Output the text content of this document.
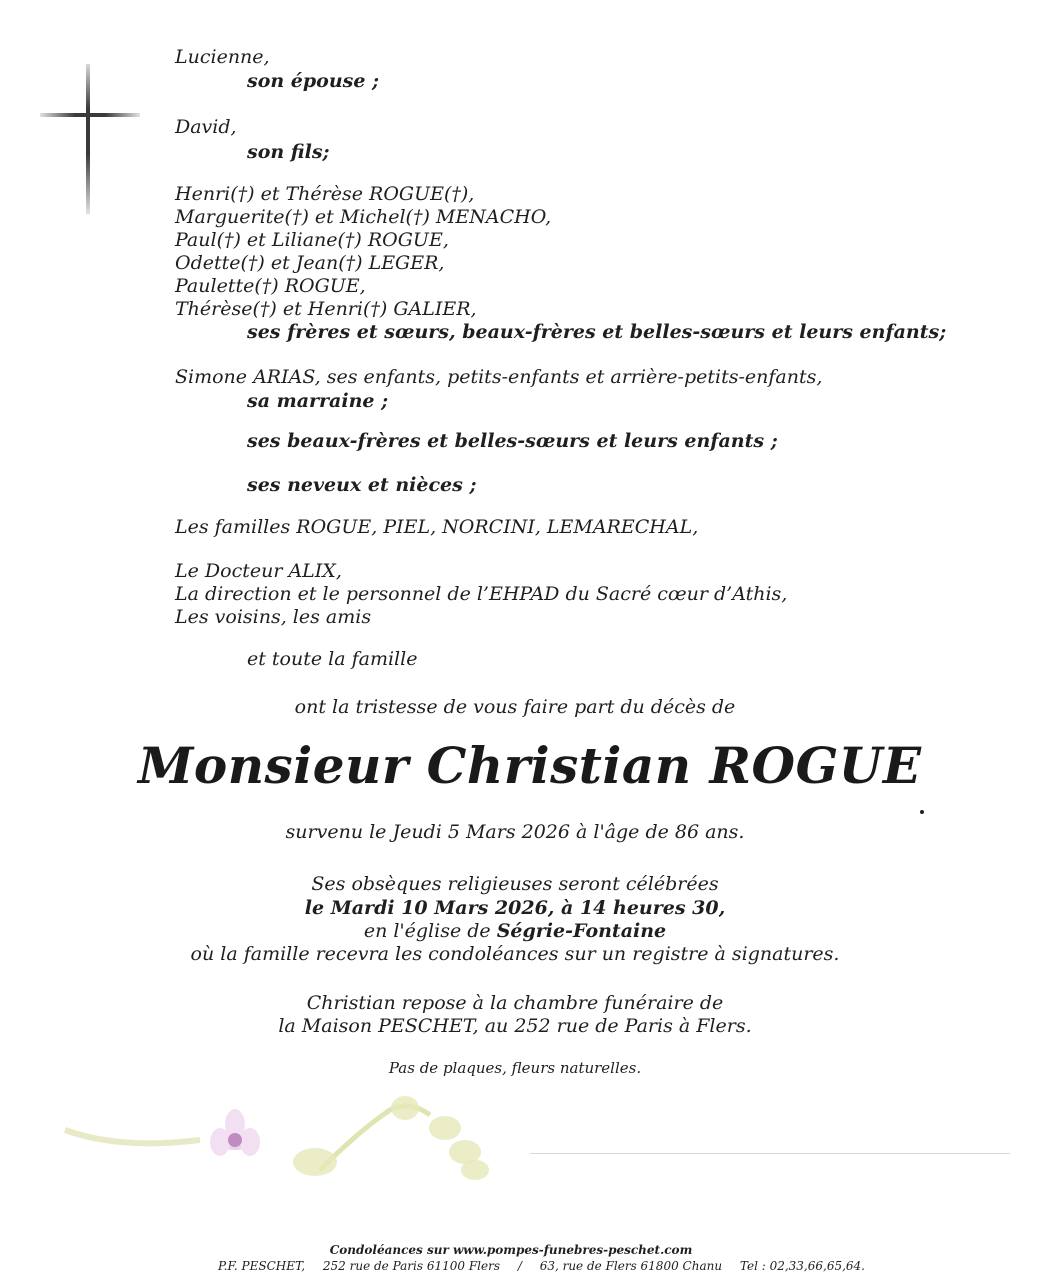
Lucienne,
son épouse ;
David,
son fils;
Henri(†) et Thérèse ROGUE(†),
Marguerite(†) et Michel(†) MENACHO,
Paul(†) et Liliane(†) ROGUE,
Odette(†) et Jean(†) LEGER,
Paulette(†) ROGUE,
Thérèse(†) et Henri(†) GALIER,
ses frères et sœurs, beaux-frères et belles-sœurs et leurs enfants;
Simone ARIAS, ses enfants, petits-enfants et arrière-petits-enfants,
sa marraine ;
ses beaux-frères et belles-sœurs et leurs enfants ;
ses neveux et nièces ;
Les familles ROGUE, PIEL, NORCINI, LEMARECHAL,
Le Docteur ALIX,
La direction et le personnel de l’EHPAD du Sacré cœur d’Athis,
Les voisins, les amis
et toute la famille
ont la tristesse de vous faire part du décès de
Monsieur Christian ROGUE
survenu le Jeudi 5 Mars 2026 à l'âge de 86 ans.
Ses obsèques religieuses seront célébrées
le Mardi 10 Mars 2026, à 14 heures 30,
en l'église de Ségrie-Fontaine
où la famille recevra les condoléances sur un registre à signatures.
Christian repose à la chambre funéraire de
la Maison PESCHET, au 252 rue de Paris à Flers.
Pas de plaques, fleurs naturelles.
Condoléances sur www.pompes-funebres-peschet.com
P.F. PESCHET, 252 rue de Paris 61100 Flers / 63, rue de Flers 61800 Chanu Tel : 02,33,66,65,64.
